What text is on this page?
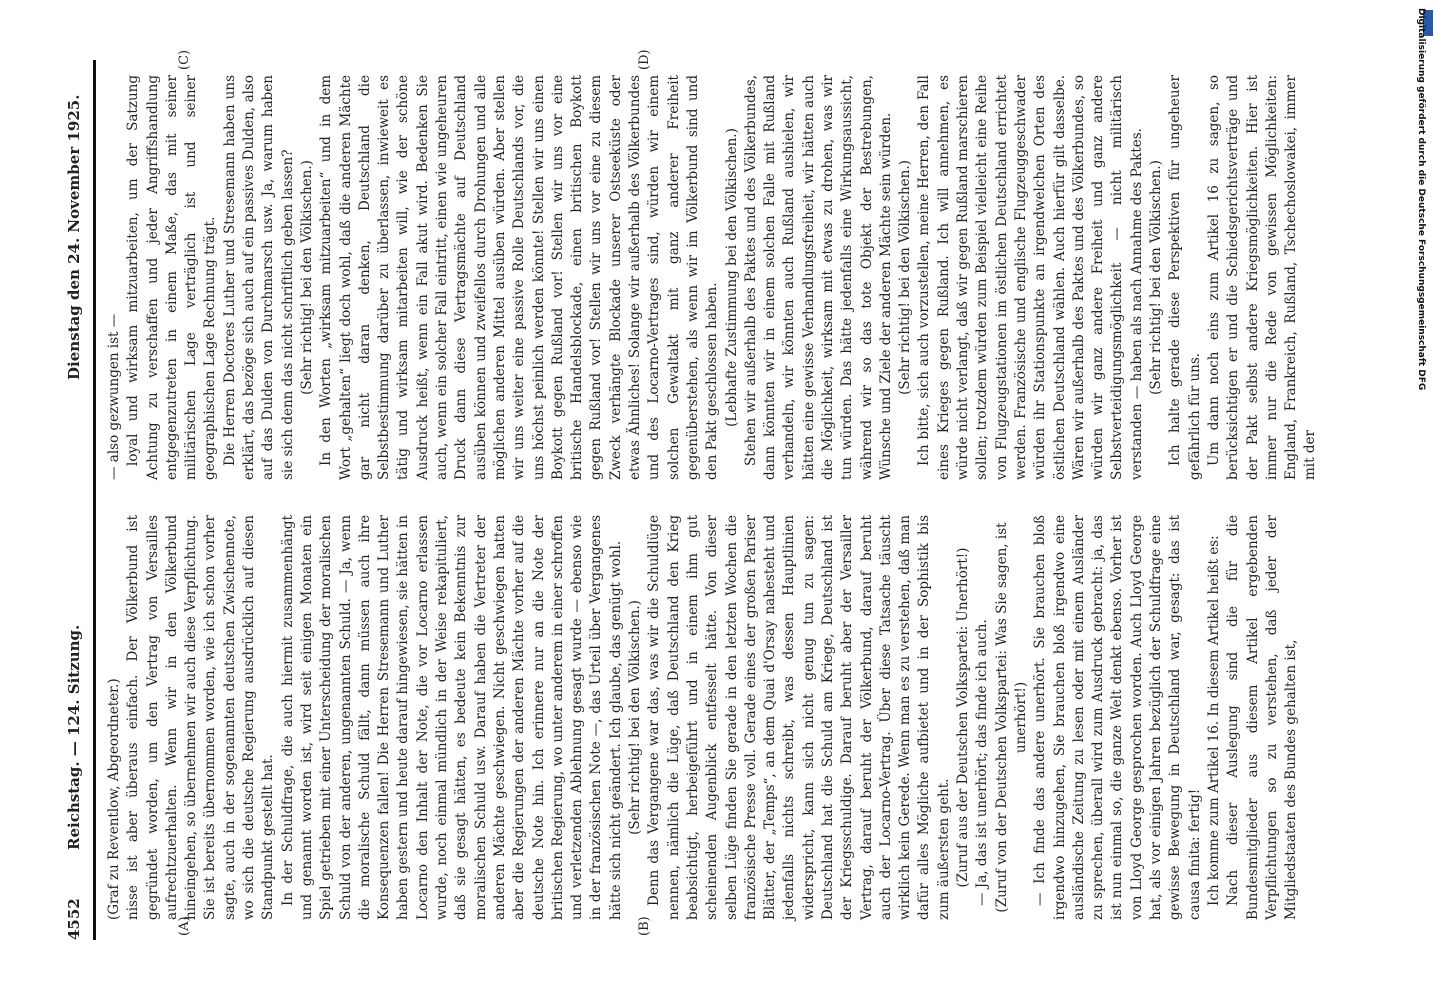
4552
Reichstag. — 124. Sitzung.
Dienstag den 24. November 1925.
(A)	(B)
(C)	(D)

(Graf zu Reventlow, Abgeordneter.) nisse ist aber überaus einfach. Der Völkerbund ist gegründet worden, um den Vertrag von Versailles aufrechtzuerhalten. Wenn wir in den Völkerbund hineingehen, so übernehmen wir auch diese Verpflichtung. Sie ist bereits übernommen worden, wie ich schon vorher sagte, auch in der sogenannten deutschen Zwischennote, wo sich die deutsche Regierung ausdrücklich auf diesen Standpunkt gestellt hat. In der Schuldfrage, die auch hiermit zusammenhängt und genannt worden ist, wird seit einigen Monaten ein Spiel getrieben mit einer Unterscheidung der moralischen Schuld von der anderen, ungenannten Schuld. — Ja, wenn die moralische Schuld fällt, dann müssen auch ihre Konsequenzen fallen! Die Herren Stresemann und Luther haben gestern und heute darauf hingewiesen, sie hätten in Locarno den Inhalt der Note, die vor Locarno erlassen wurde, noch einmal mündlich in der Weise rekapituliert, daß sie gesagt hätten, es bedeute kein Bekenntnis zur moralischen Schuld usw. Darauf haben die Vertreter der anderen Mächte geschwiegen. Nicht geschwiegen hatten aber die Regierungen der anderen Mächte vorher auf die deutsche Note hin. Ich erinnere nur an die Note der britischen Regierung, wo unter anderem in einer schroffen und verletzenden Ablehnung gesagt wurde — ebenso wie in der französischen Note —, das Urteil über Vergangenes hätte sich nicht geändert. Ich glaube, das genügt wohl. (Sehr richtig! bei den Völkischen.) Denn das Vergangene war das, was wir die Schuldlüge nennen, nämlich die Lüge, daß Deutschland den Krieg beabsichtigt, herbeigeführt und in einem ihm gut scheinenden Augenblick entfesselt hätte. Von dieser selben Lüge finden Sie gerade in den letzten Wochen die französische Presse voll. Gerade eines der großen Pariser Blätter, der „Temps“, an dem Quai d'Orsay nahesteht und jedenfalls nichts schreibt, was dessen Hauptlinien widerspricht, kann sich nicht genug tun zu sagen: Deutschland hat die Schuld am Kriege, Deutschland ist der Kriegsschuldige. Darauf beruht aber der Versailler Vertrag, darauf beruht der Völkerbund, darauf beruht auch der Locarno-Vertrag. Über diese Tatsache täuscht wirklich kein Gerede. Wenn man es zu verstehen, daß man dafür alles Mögliche aufbietet und in der Sophistik bis zum äußersten geht. (Zuruf aus der Deutschen Volkspartei: Unerhört!) — Ja, das ist unerhört; das finde ich auch. (Zuruf von der Deutschen Volkspartei: Was Sie sagen, ist unerhört!) — Ich finde das andere unerhört. Sie brauchen bloß irgendwo hinzugehen, Sie brauchen bloß irgendwo eine ausländische Zeitung zu lesen oder mit einem Ausländer zu sprechen, überall wird zum Ausdruck gebracht: ja, das ist nun einmal so, die ganze Welt denkt ebenso. Vorher ist von Lloyd George gesprochen worden. Auch Lloyd George hat, als vor einigen Jahren bezüglich der Schuldfrage eine gewisse Bewegung in Deutschland war, gesagt: das ist causa finita: fertig! Ich komme zum Artikel 16. In diesem Artikel heißt es: Nach dieser Auslegung sind die für die Bundesmitglieder aus diesem Artikel ergebenden Verpflichtungen so zu verstehen, daß jeder der Mitgliedstaaten des Bundes gehalten ist,

— also gezwungen ist — loyal und wirksam mitzuarbeiten, um der Satzung Achtung zu verschaffen und jeder Angriffshandlung entgegenzutreten in einem Maße, das mit seiner militärischen Lage verträglich ist und seiner geographischen Lage Rechnung trägt. Die Herren Doctores Luther und Stresemann haben uns erklärt, das bezöge sich auch auf ein passives Dulden, also auf das Dulden von Durchmarsch usw. Ja, warum haben sie sich denn das nicht schriftlich geben lassen? (Sehr richtig! bei den Völkischen.) In den Worten „wirksam mitzuarbeiten“ und in dem Wort „gehalten“ liegt doch wohl, daß die anderen Mächte gar nicht daran denken, Deutschland die Selbstbestimmung darüber zu überlassen, inwieweit es tätig und wirksam mitarbeiten will, wie der schöne Ausdruck heißt, wenn ein Fall akut wird. Bedenken Sie auch, wenn ein solcher Fall eintritt, einen wie ungeheuren Druck dann diese Vertragsmächte auf Deutschland ausüben können und zweifellos durch Drohungen und alle möglichen anderen Mittel ausüben würden. Aber stellen wir uns weiter eine passive Rolle Deutschlands vor, die uns höchst peinlich werden könnte! Stellen wir uns einen Boykott gegen Rußland vor! Stellen wir uns vor eine britische Handelsblockade, einen britischen Boykott gegen Rußland vor! Stellen wir uns vor eine zu diesem Zweck verhängte Blockade unserer Ostseeküste oder etwas Ähnliches! Solange wir außerhalb des Völkerbundes und des Locarno-Vertrages sind, würden wir einem solchen Gewaltakt mit ganz anderer Freiheit gegenüberstehen, als wenn wir im Völkerbund sind und den Pakt geschlossen haben. (Lebhafte Zustimmung bei den Völkischen.) Stehen wir außerhalb des Paktes und des Völkerbundes, dann könnten wir in einem solchen Falle mit Rußland verhandeln, wir könnten auch Rußland aushielen, wir hätten eine gewisse Verhandlungsfreiheit, wir hätten auch die Möglichkeit, wirksam mit etwas zu drohen, was wir tun würden. Das hätte jedenfalls eine Wirkungsaussicht, während wir so das tote Objekt der Bestrebungen, Wünsche und Ziele der anderen Mächte sein würden. (Sehr richtig! bei den Völkischen.) Ich bitte, sich auch vorzustellen, meine Herren, den Fall eines Krieges gegen Rußland. Ich will annehmen, es würde nicht verlangt, daß wir gegen Rußland marschieren sollen; trotzdem würden zum Beispiel vielleicht eine Reihe von Flugzeugstationen im östlichen Deutschland errichtet werden. Französische und englische Flugzeuggeschwader würden ihr Stationspunkte an irgendwelchen Orten des östlichen Deutschland wählen. Auch hierfür gilt dasselbe. Wären wir außerhalb des Paktes und des Völkerbundes, so würden wir ganz andere Freiheit und ganz andere Selbstverteidigungsmöglichkeit — nicht militärisch verstanden — haben als nach Annahme des Paktes. (Sehr richtig! bei den Völkischen.) Ich halte gerade diese Perspektiven für ungeheuer gefährlich für uns. Um dann noch eins zum Artikel 16 zu sagen, so berücksichtigen er und die Schiedsgerichtsverträge und der Pakt selbst andere Kriegsmöglichkeiten. Hier ist immer nur die Rede von gewissen Möglichkeiten: England, Frankreich, Rußland, Tschechoslowakei, immer mit der

Digitalisierung gefördert durch die Deutsche Forschungsgemeinschaft DFG
